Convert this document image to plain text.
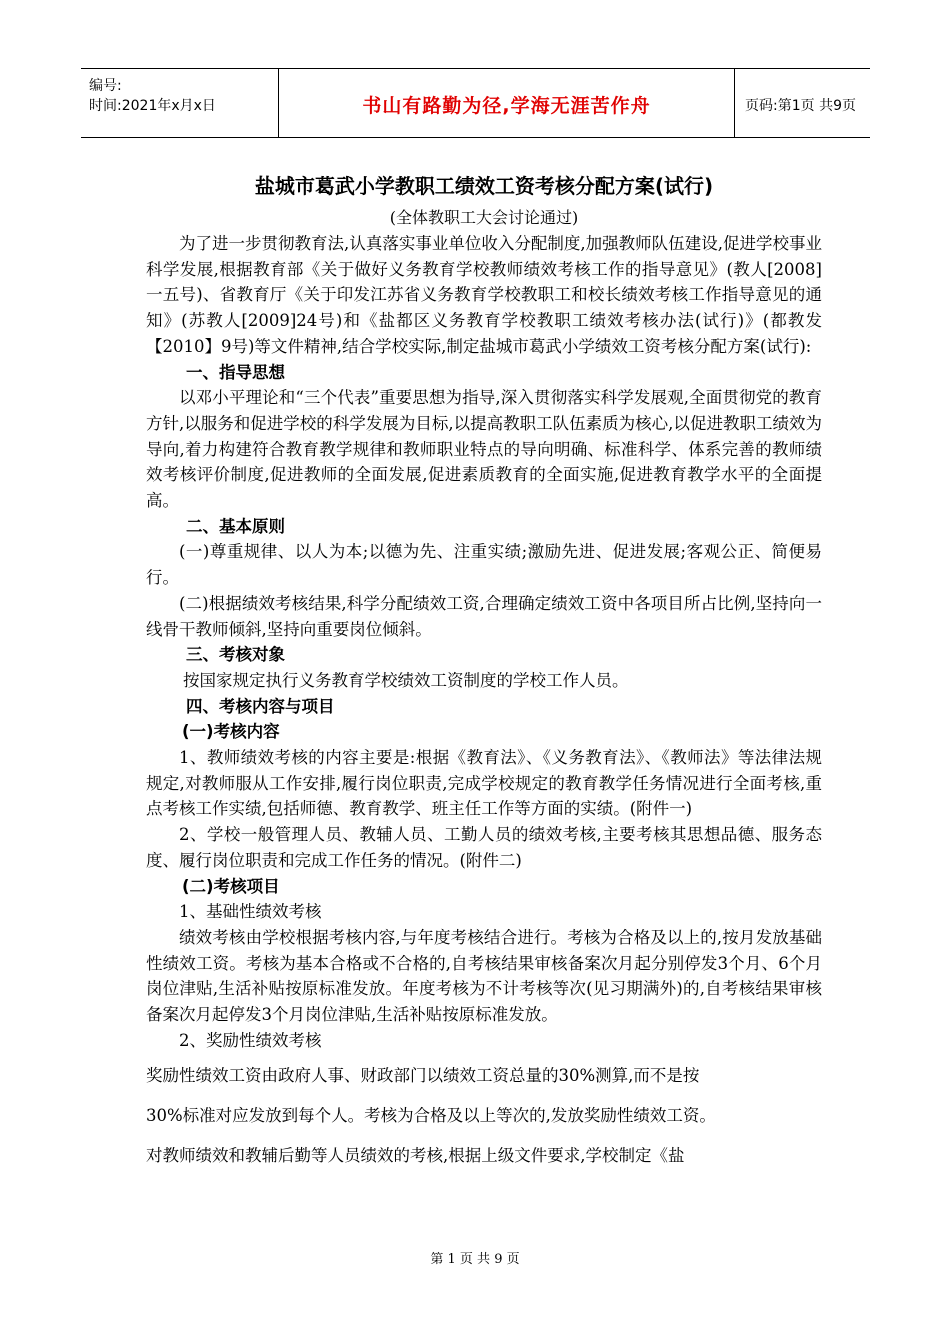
编号:
时间:2021年x月x日	书山有路勤为径,学海无涯苦作舟	页码:第1页 共9页
盐城市葛武小学教职工绩效工资考核分配方案(试行)
(全体教职工大会讨论通过)

为了进一步贯彻教育法,认真落实事业单位收入分配制度,加强教师队伍建设,促进学校事业科学发展,根据教育部《关于做好义务教育学校教师绩效考核工作的指导意见》(教人[2008]一五号)、省教育厅《关于印发江苏省义务教育学校教职工和校长绩效考核工作指导意见的通知》(苏教人[2009]24号)和《盐都区义务教育学校教职工绩效考核办法(试行)》(都教发【2010】9号)等文件精神,结合学校实际,制定盐城市葛武小学绩效工资考核分配方案(试行):

一、指导思想

以邓小平理论和“三个代表”重要思想为指导,深入贯彻落实科学发展观,全面贯彻党的教育方针,以服务和促进学校的科学发展为目标,以提高教职工队伍素质为核心,以促进教职工绩效为导向,着力构建符合教育教学规律和教师职业特点的导向明确、标准科学、体系完善的教师绩效考核评价制度,促进教师的全面发展,促进素质教育的全面实施,促进教育教学水平的全面提高。

二、基本原则

(一)尊重规律、以人为本;以德为先、注重实绩;激励先进、促进发展;客观公正、简便易行。

(二)根据绩效考核结果,科学分配绩效工资,合理确定绩效工资中各项目所占比例,坚持向一线骨干教师倾斜,坚持向重要岗位倾斜。

三、考核对象

按国家规定执行义务教育学校绩效工资制度的学校工作人员。

四、考核内容与项目
(一)考核内容

1、教师绩效考核的内容主要是:根据《教育法》、《义务教育法》、《教师法》等法律法规规定,对教师服从工作安排,履行岗位职责,完成学校规定的教育教学任务情况进行全面考核,重点考核工作实绩,包括师德、教育教学、班主任工作等方面的实绩。(附件一)

2、学校一般管理人员、教辅人员、工勤人员的绩效考核,主要考核其思想品德、服务态度、履行岗位职责和完成工作任务的情况。(附件二)

(二)考核项目

1、基础性绩效考核

绩效考核由学校根据考核内容,与年度考核结合进行。考核为合格及以上的,按月发放基础性绩效工资。考核为基本合格或不合格的,自考核结果审核备案次月起分别停发3个月、6个月岗位津贴,生活补贴按原标准发放。年度考核为不计考核等次(见习期满外)的,自考核结果审核备案次月起停发3个月岗位津贴,生活补贴按原标准发放。

2、奖励性绩效考核

奖励性绩效工资由政府人事、财政部门以绩效工资总量的30%测算,而不是按

30%标准对应发放到每个人。考核为合格及以上等次的,发放奖励性绩效工资。

对教师绩效和教辅后勤等人员绩效的考核,根据上级文件要求,学校制定《盐

第 1 页 共 9 页
